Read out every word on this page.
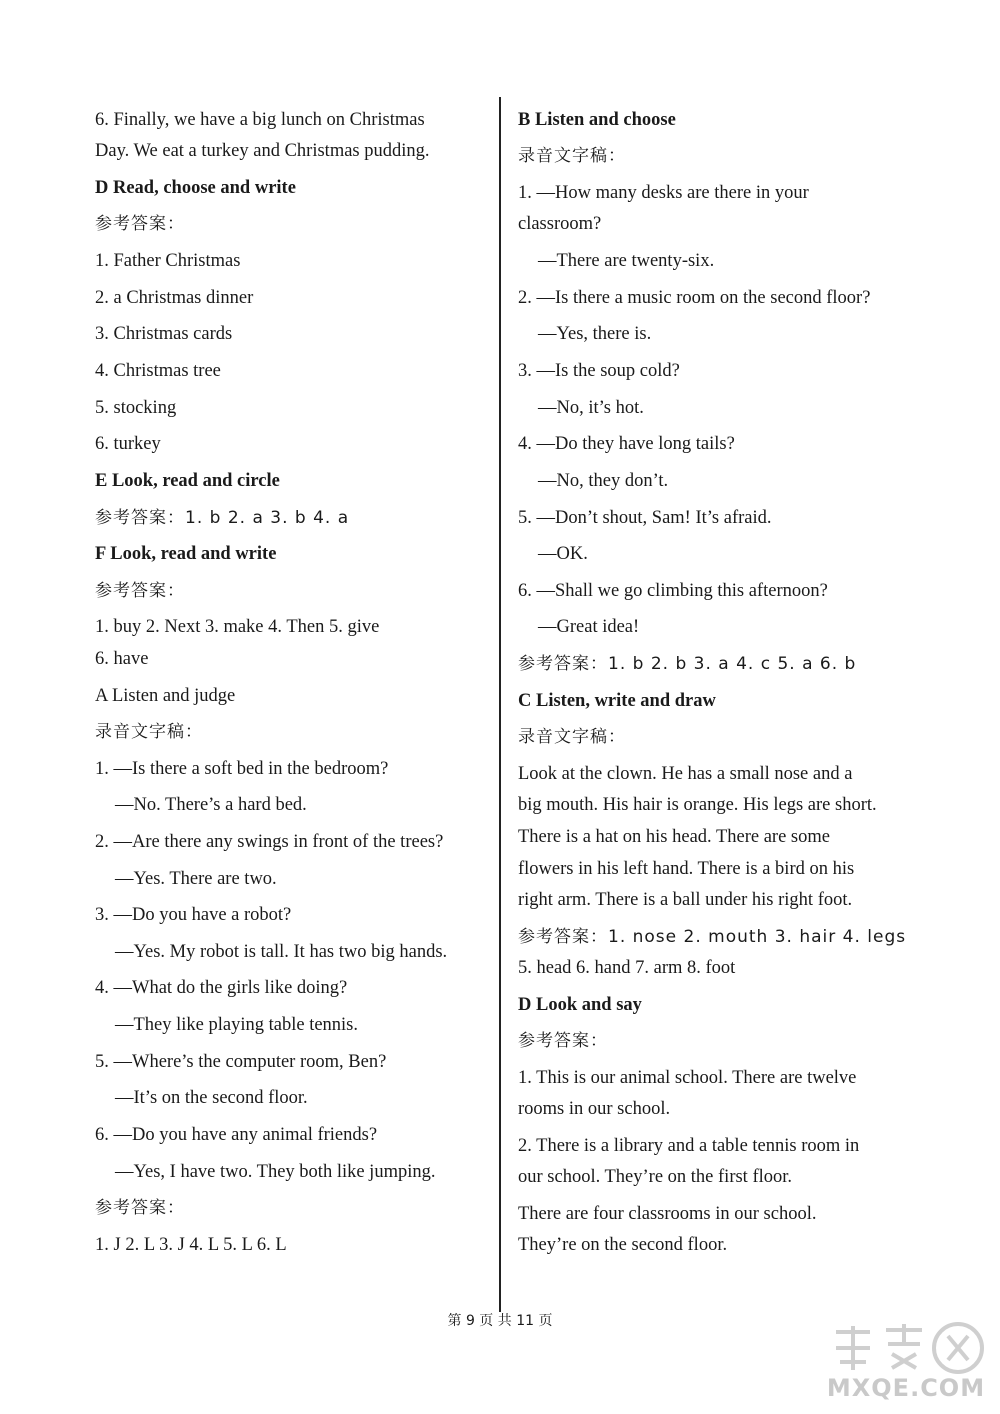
6. Finally, we have a big lunch on Christmas
Day. We eat a turkey and Christmas pudding.
D Read, choose and write
参考答案：
1. Father Christmas
2. a Christmas dinner
3. Christmas cards
4. Christmas tree
5. stocking
6. turkey
E Look, read and circle
参考答案：1. b 2. a 3. b 4. a
F Look, read and write
参考答案：
1. buy 2. Next 3. make 4. Then 5. give
6. have
A Listen and judge
录音文字稿：
1. —Is there a soft bed in the bedroom?
—No. There’s a hard bed.
2. —Are there any swings in front of the trees?
—Yes. There are two.
3. —Do you have a robot?
—Yes. My robot is tall. It has two big hands.
4. —What do the girls like doing?
—They like playing table tennis.
5. —Where’s the computer room, Ben?
—It’s on the second floor.
6. —Do you have any animal friends?
—Yes, I have two. They both like jumping.
参考答案：
1. J 2. L 3. J 4. L 5. L 6. L
B Listen and choose
录音文字稿：
1. —How many desks are there in your
classroom?
—There are twenty-six.
2. —Is there a music room on the second floor?
—Yes, there is.
3. —Is the soup cold?
—No, it’s hot.
4. —Do they have long tails?
—No, they don’t.
5. —Don’t shout, Sam! It’s afraid.
—OK.
6. —Shall we go climbing this afternoon?
—Great idea!
参考答案：1. b 2. b 3. a 4. c 5. a 6. b
C Listen, write and draw
录音文字稿：
Look at the clown. He has a small nose and a
big mouth. His hair is orange. His legs are short.
There is a hat on his head. There are some
flowers in his left hand. There is a bird on his
right arm. There is a ball under his right foot.
参考答案：1. nose 2. mouth 3. hair 4. legs
5. head 6. hand 7. arm 8. foot
D Look and say
参考答案：
1. This is our animal school. There are twelve
rooms in our school.
2. There is a library and a table tennis room in
our school. They’re on the first floor.
There are four classrooms in our school.
They’re on the second floor.
第 9 页 共 11 页
MXQE.COM
